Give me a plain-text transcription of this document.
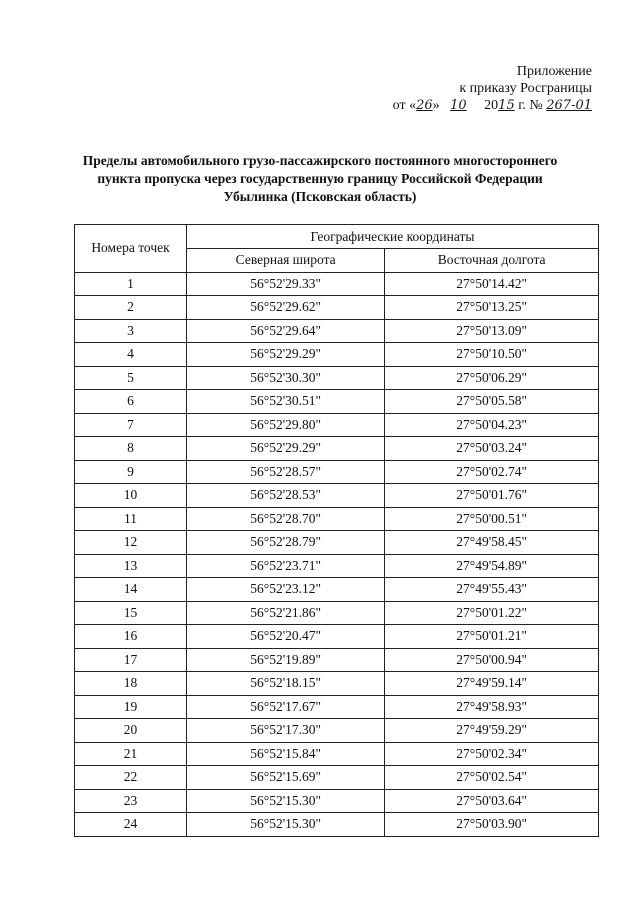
Приложение
к приказу Росграницы
от «26» 10 2015 г. № 267-01
Пределы автомобильного грузо-пассажирского постоянного многостороннего
пункта пропуска через государственную границу Российской Федерации
Убылинка (Псковская область)
Номера точек	Географические координаты	
	Северная широта	Восточная долгота
1	56°52'29.33"	27°50'14.42"
2	56°52'29.62"	27°50'13.25"
3	56°52'29.64"	27°50'13.09"
4	56°52'29.29"	27°50'10.50"
5	56°52'30.30"	27°50'06.29"
6	56°52'30.51"	27°50'05.58"
7	56°52'29.80"	27°50'04.23"
8	56°52'29.29"	27°50'03.24"
9	56°52'28.57"	27°50'02.74"
10	56°52'28.53"	27°50'01.76"
11	56°52'28.70"	27°50'00.51"
12	56°52'28.79"	27°49'58.45"
13	56°52'23.71"	27°49'54.89"
14	56°52'23.12"	27°49'55.43"
15	56°52'21.86"	27°50'01.22"
16	56°52'20.47"	27°50'01.21"
17	56°52'19.89"	27°50'00.94"
18	56°52'18.15"	27°49'59.14"
19	56°52'17.67"	27°49'58.93"
20	56°52'17.30"	27°49'59.29"
21	56°52'15.84"	27°50'02.34"
22	56°52'15.69"	27°50'02.54"
23	56°52'15.30"	27°50'03.64"
24	56°52'15.30"	27°50'03.90"
